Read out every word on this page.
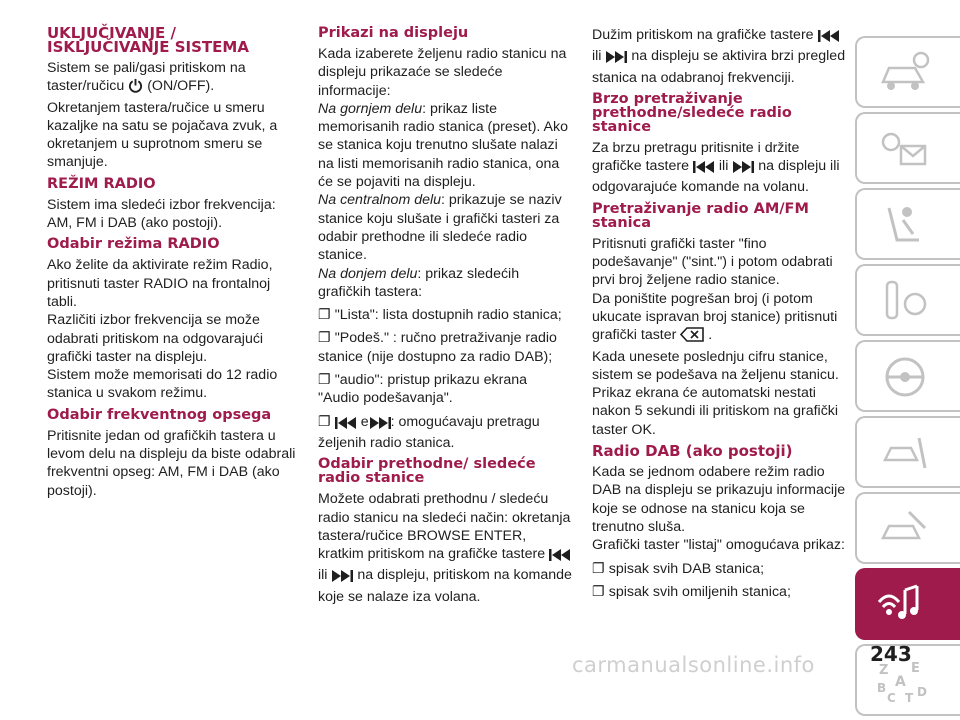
UKLJUČIVANJE / ISKLJUČIVANJE SISTEMA

Sistem se pali/gasi pritiskom na taster/ručicu (ON/OFF).
Okretanjem tastera/ručice u smeru kazaljke na satu se pojačava zvuk, a okretanjem u suprotnom smeru se smanjuje.

REŽIM RADIO

Sistem ima sledeći izbor frekvencija: AM, FM i DAB (ako postoji).

Odabir režima RADIO

Ako želite da aktivirate režim Radio, pritisnuti taster RADIO na frontalnoj tabli.
Različiti izbor frekvencija se može odabrati pritiskom na odgovarajući grafički taster na displeju.
Sistem može memorisati do 12 radio stanica u svakom režimu.

Odabir frekventnog opsega

Pritisnite jedan od grafičkih tastera u levom delu na displeju da biste odabrali frekventni opseg: AM, FM i DAB (ako postoji).

Prikazi na displeju

Kada izaberete željenu radio stanicu na displeju prikazaće se sledeće informacije:
Na gornjem delu: prikaz liste memorisanih radio stanica (preset). Ako se stanica koju trenutno slušate nalazi na listi memorisanih radio stanica, ona će se pojaviti na displeju.
Na centralnom delu: prikazuje se naziv stanice koju slušate i grafički tasteri za odabir prethodne ili sledeće radio stanice.
Na donjem delu: prikaz sledećih grafičkih tastera:

❐ "Lista": lista dostupnih radio stanica;

❐ "Podeš." : ručno pretraživanje radio stanice (nije dostupno za radio DAB);

❐ "audio": pristup prikazu ekrana "Audio podešavanja".

❐ e : omogućavaju pretragu željenih radio stanica.

Odabir prethodne/ sledeće radio stanice

Možete odabrati prethodnu / sledeću radio stanicu na sledeći način: okretanja tastera/ručice BROWSE ENTER, kratkim pritiskom na grafičke tastere  ili na displeju, pritiskom na komande koje se nalaze iza volana.

Dužim pritiskom na grafičke tastere  ili na displeju se aktivira brzi pregled stanica na odabranoj frekvenciji.

Brzo pretraživanje prethodne/sledeće radio stanice

Za brzu pretragu pritisnite i držite grafičke tastere ili na displeju ili odgovarajuće komande na volanu.

Pretraživanje radio AM/FM stanica

Pritisnuti grafički taster "fino podešavanje" ("sint.") i potom odabrati prvi broj željene radio stanice.
Da poništite pogrešan broj (i potom ukucate ispravan broj stanice) pritisnuti grafički taster .
Kada unesete poslednju cifru stanice, sistem se podešava na željenu stanicu. Prikaz ekrana će automatski nestati nakon 5 sekundi ili pritiskom na grafički taster OK.

Radio DAB (ako postoji)

Kada se jednom odabere režim radio DAB na displeju se prikazuju informacije koje se odnose na stanicu koja se trenutno sluša.
Grafički taster "listaj" omogućava prikaz:

❐ spisak svih DAB stanica;

❐ spisak svih omiljenih stanica;

Z E
A
B
C T D
243
carmanualsonline.info
